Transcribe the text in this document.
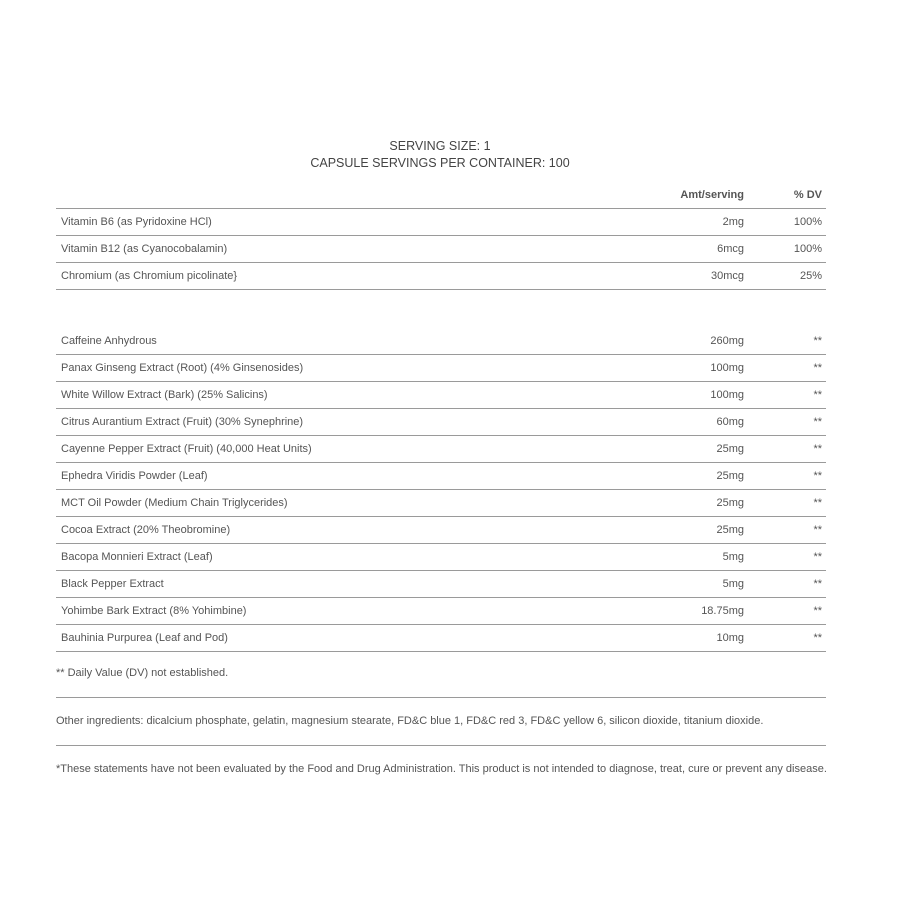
SERVING SIZE: 1
CAPSULE SERVINGS PER CONTAINER: 100
Amt/serving	% DV
Vitamin B6 (as Pyridoxine HCl)	2mg	100%
Vitamin B12 (as Cyanocobalamin)	6mcg	100%
Chromium (as Chromium picolinate}	30mcg	25%
Caffeine Anhydrous	260mg	**
Panax Ginseng Extract (Root) (4% Ginsenosides)	100mg	**
White Willow Extract (Bark) (25% Salicins)	100mg	**
Citrus Aurantium Extract (Fruit) (30% Synephrine)	60mg	**
Cayenne Pepper Extract (Fruit) (40,000 Heat Units)	25mg	**
Ephedra Viridis Powder (Leaf)	25mg	**
MCT Oil Powder (Medium Chain Triglycerides)	25mg	**
Cocoa Extract (20% Theobromine)	25mg	**
Bacopa Monnieri Extract (Leaf)	5mg	**
Black Pepper Extract	5mg	**
Yohimbe Bark Extract (8% Yohimbine)	18.75mg	**
Bauhinia Purpurea (Leaf and Pod)	10mg	**
** Daily Value (DV) not established.
Other ingredients: dicalcium phosphate, gelatin, magnesium stearate, FD&C blue 1, FD&C red 3, FD&C yellow 6, silicon dioxide, titanium dioxide.
*These statements have not been evaluated by the Food and Drug Administration. This product is not intended to diagnose, treat, cure or prevent any disease.
